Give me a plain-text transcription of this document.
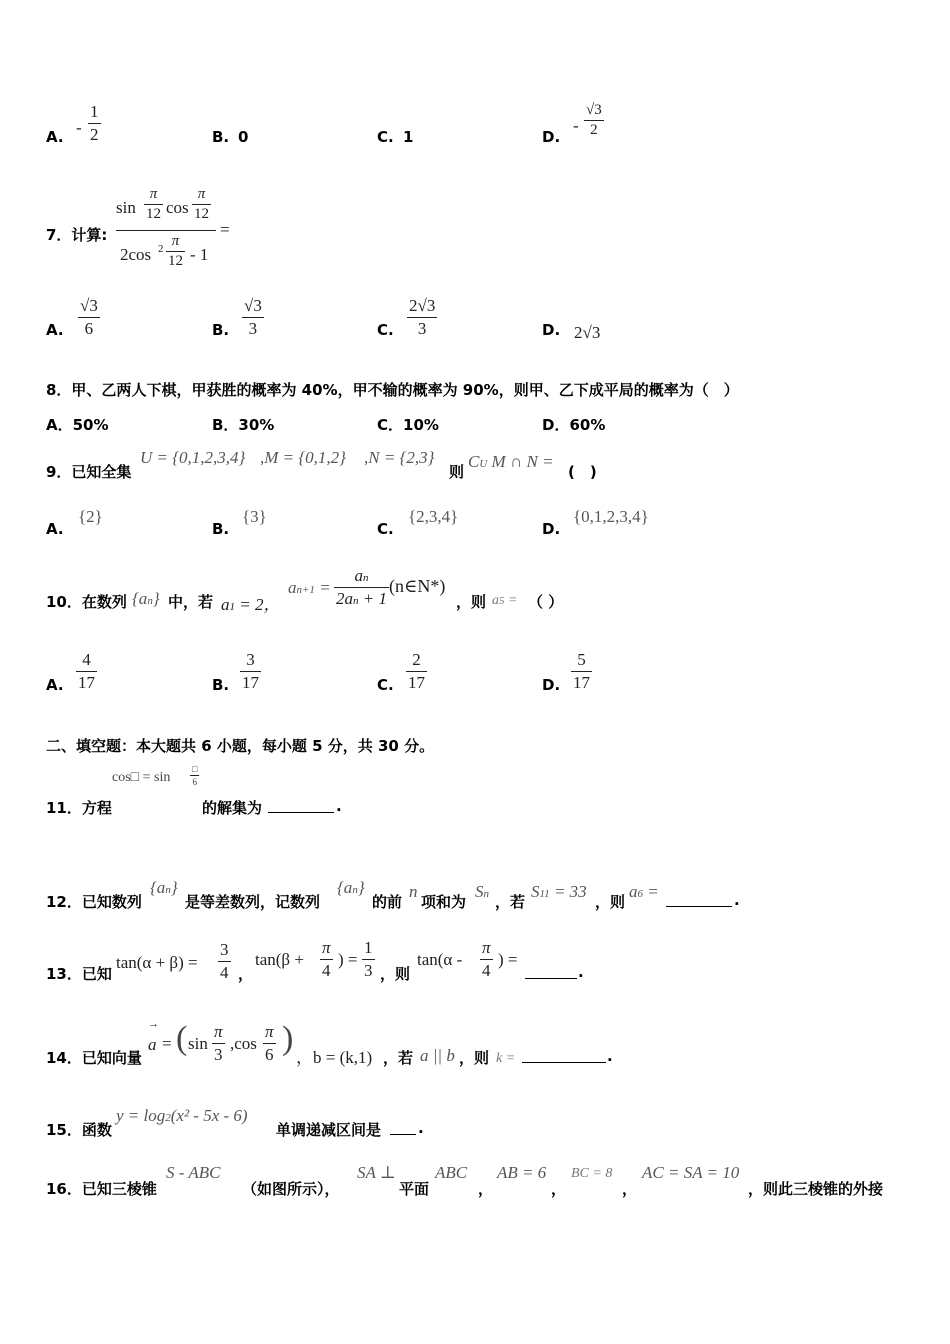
A. -
1
2	B. 0	C. 1	D.
-
√3
2
7．计算:
sin
π
12 cos
π
12
2cos 2 π
12 - 1
=
A.
√3
6	B.
√3
3	C.
2√3
3	D. 2√3
8．甲、乙两人下棋，甲获胜的概率为 40%，甲不输的概率为 90%，则甲、乙下成平局的概率为（　）
A．50%	B．30%	C．10%	D．60%
9．已知全集
U = {0,1,2,3,4} ,M = {0,1,2} ,N = {2,3}
则
CU M ∩ N =
(　)
A.
{2}
B.
{3}
C.
{2,3,4}
D.
{0,1,2,3,4}
10．在数列 {an} 中，若 a1 = 2，
an+1 =
an
2an + 1
(n∈N*)
，则 a5 = （ ）
A.
4
17	B.
3
17	C.
2
17	D.
5
17
二、填空题：本大题共 6 小题，每小题 5 分，共 30 分。
cos□ = sin
□
6
11．方程	的解集为	.
12．已知数列
{an}
是等差数列，记数列
{an}
的前
n
项和为
Sn ，若
S11 = 33
，则
a6 =	.
13．已知
tan(α + β) =
3
4 ，
tan(β +
π
4
) =
1
3 ，则
tan(α -
π
4
) =
.
14．已知向量
a
→
= ( sin
π
3
,cos
π
6 )
，b = (k,1) ，若 a || b ，则 k =	.
15．函数
y = log2(x² - 5x - 6)
单调递减区间是 .
16．已知三棱锥
S - ABC
（如图所示），
SA ⊥
平面
ABC
，
AB = 6
，
BC = 8
，
AC = SA = 10
，则此三棱锥的外接
